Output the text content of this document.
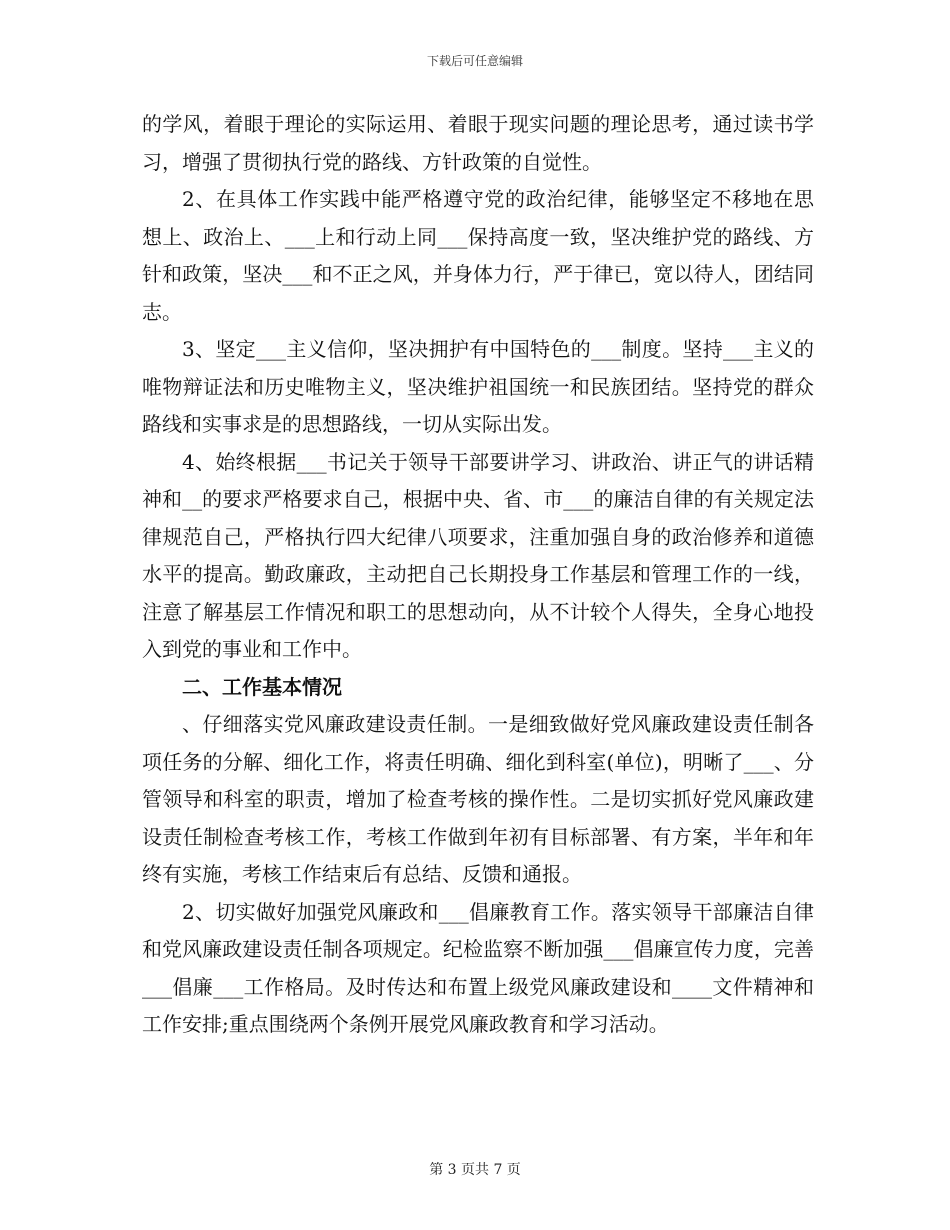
下载后可任意编辑

的学风，着眼于理论的实际运用、着眼于现实问题的理论思考，通过读书学习，增强了贯彻执行党的路线、方针政策的自觉性。

2、在具体工作实践中能严格遵守党的政治纪律，能够坚定不移地在思想上、政治上、___上和行动上同___保持高度一致，坚决维护党的路线、方针和政策，坚决___和不正之风，并身体力行，严于律已，宽以待人，团结同志。

3、坚定___主义信仰，坚决拥护有中国特色的___制度。坚持___主义的唯物辩证法和历史唯物主义，坚决维护祖国统一和民族团结。坚持党的群众路线和实事求是的思想路线，一切从实际出发。

4、始终根据___书记关于领导干部要讲学习、讲政治、讲正气的讲话精神和__的要求严格要求自己，根据中央、省、市___的廉洁自律的有关规定法律规范自己，严格执行四大纪律八项要求，注重加强自身的政治修养和道德水平的提高。勤政廉政，主动把自己长期投身工作基层和管理工作的一线，注意了解基层工作情况和职工的思想动向，从不计较个人得失，全身心地投入到党的事业和工作中。

二、工作基本情况

、仔细落实党风廉政建设责任制。一是细致做好党风廉政建设责任制各项任务的分解、细化工作，将责任明确、细化到科室(单位)，明晰了___、分管领导和科室的职责，增加了检查考核的操作性。二是切实抓好党风廉政建设责任制检查考核工作，考核工作做到年初有目标部署、有方案，半年和年终有实施，考核工作结束后有总结、反馈和通报。

2、切实做好加强党风廉政和___倡廉教育工作。落实领导干部廉洁自律和党风廉政建设责任制各项规定。纪检监察不断加强___倡廉宣传力度，完善___倡廉___工作格局。及时传达和布置上级党风廉政建设和____文件精神和工作安排;重点围绕两个条例开展党风廉政教育和学习活动。

第 3 页共 7 页
